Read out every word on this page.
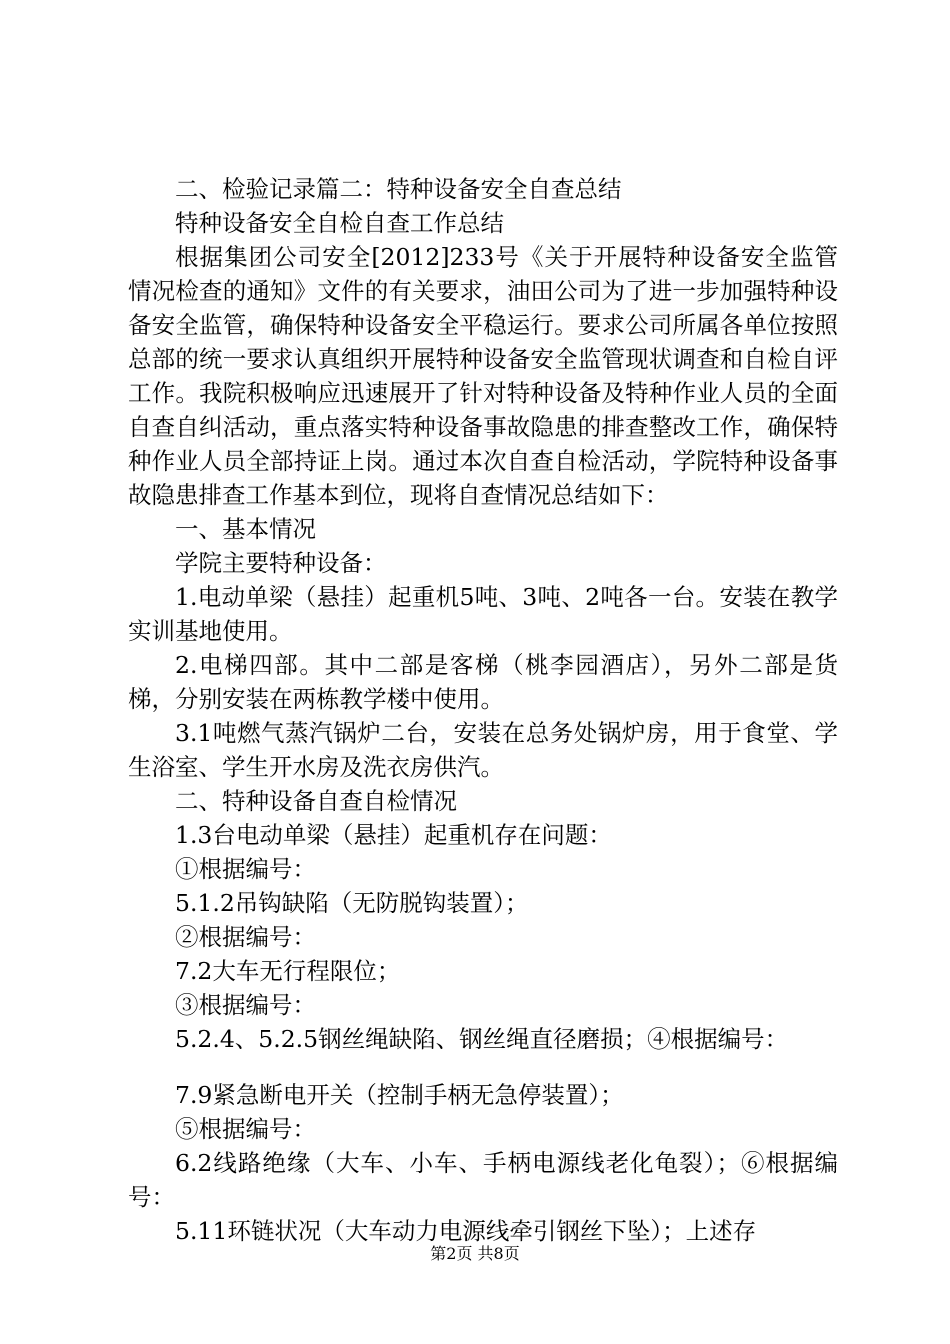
二、检验记录篇二：特种设备安全自查总结

特种设备安全自检自查工作总结

根据集团公司安全[2012]233号《关于开展特种设备安全监管情况检查的通知》文件的有关要求，油田公司为了进一步加强特种设备安全监管，确保特种设备安全平稳运行。要求公司所属各单位按照总部的统一要求认真组织开展特种设备安全监管现状调查和自检自评工作。我院积极响应迅速展开了针对特种设备及特种作业人员的全面自查自纠活动，重点落实特种设备事故隐患的排查整改工作，确保特种作业人员全部持证上岗。通过本次自查自检活动，学院特种设备事故隐患排查工作基本到位，现将自查情况总结如下：

一、基本情况

学院主要特种设备：

1.电动单梁（悬挂）起重机5吨、3吨、2吨各一台。安装在教学实训基地使用。

2.电梯四部。其中二部是客梯（桃李园酒店），另外二部是货梯，分别安装在两栋教学楼中使用。

3.1吨燃气蒸汽锅炉二台，安装在总务处锅炉房，用于食堂、学生浴室、学生开水房及洗衣房供汽。

二、特种设备自查自检情况

1.3台电动单梁（悬挂）起重机存在问题：

①根据编号：

5.1.2吊钩缺陷（无防脱钩装置）；

②根据编号：

7.2大车无行程限位；

③根据编号：

5.2.4、5.2.5钢丝绳缺陷、钢丝绳直径磨损；④根据编号：

7.9紧急断电开关（控制手柄无急停装置）；

⑤根据编号：

6.2线路绝缘（大车、小车、手柄电源线老化龟裂）；⑥根据编号：

5.11环链状况（大车动力电源线牵引钢丝下坠）；上述存

第2页 共8页
